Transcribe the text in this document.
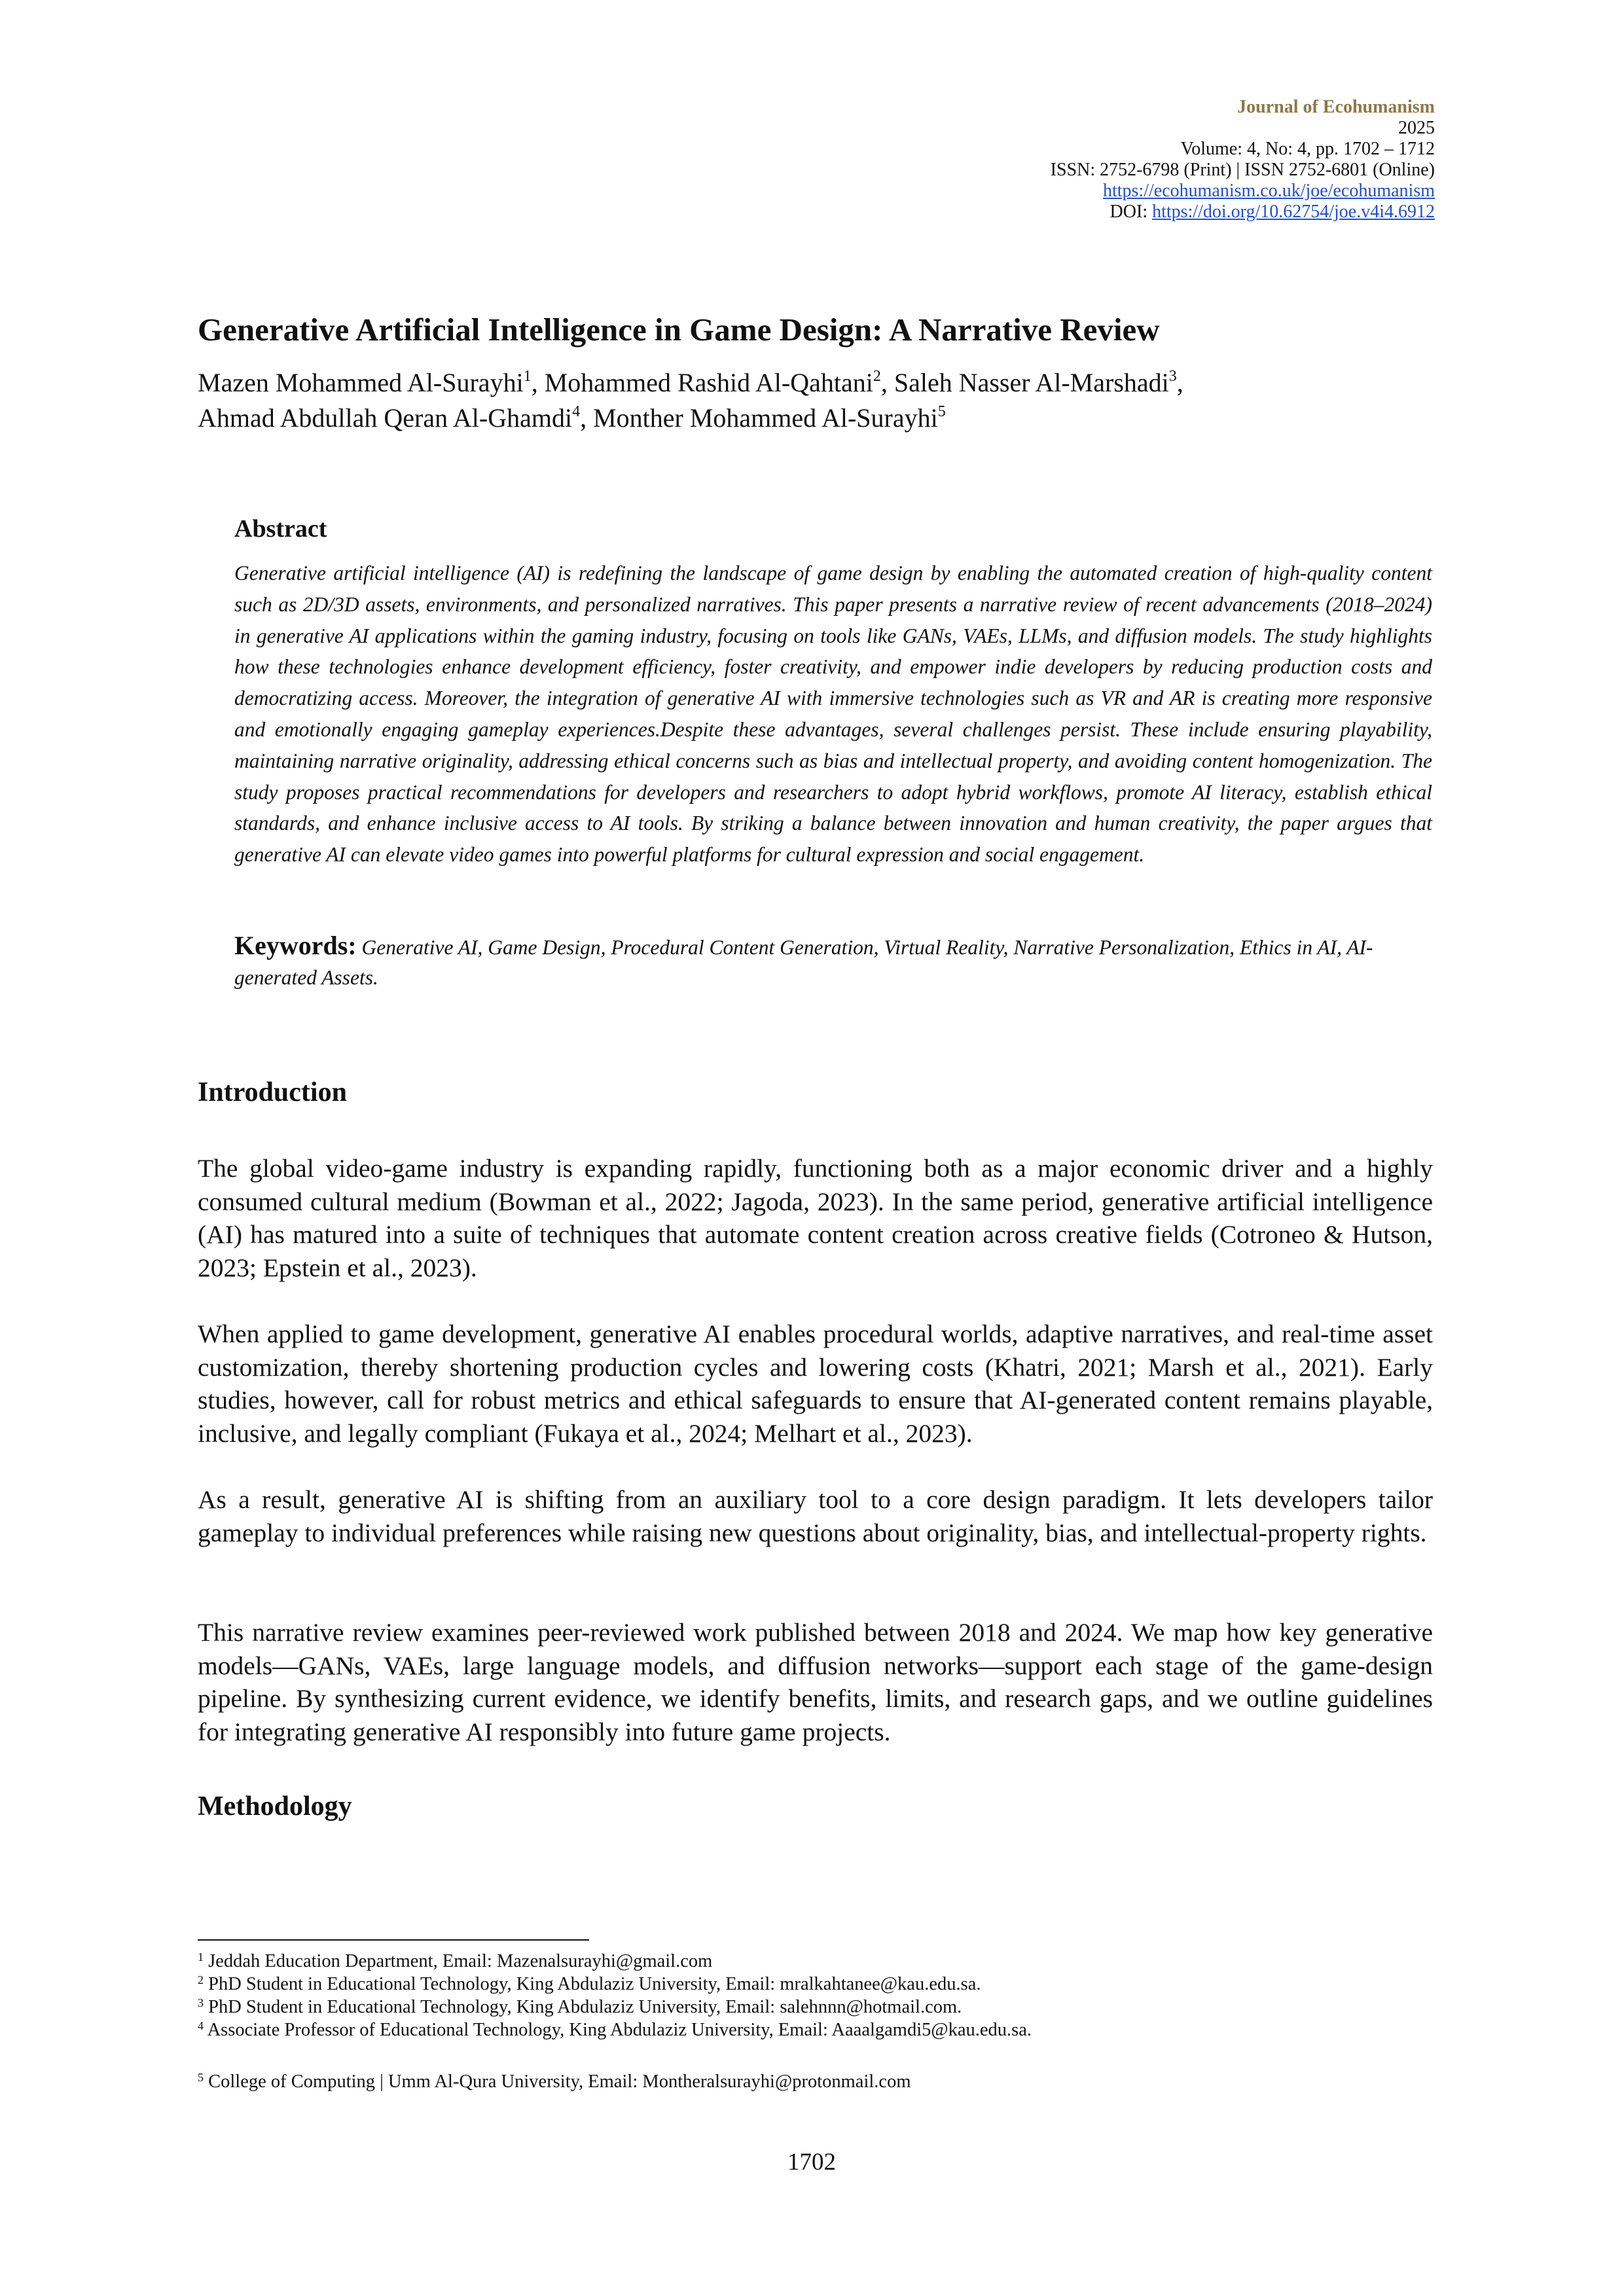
Journal of Ecohumanism
2025
Volume: 4, No: 4, pp. 1702 – 1712
ISSN: 2752-6798 (Print) | ISSN 2752-6801 (Online)
https://ecohumanism.co.uk/joe/ecohumanism
DOI: https://doi.org/10.62754/joe.v4i4.6912
Generative Artificial Intelligence in Game Design: A Narrative Review
Mazen Mohammed Al-Surayhi$^1$, Mohammed Rashid Al-Qahtani$^2$, Saleh Nasser Al-Marshadi$^3$,
Ahmad Abdullah Qeran Al-Ghamdi$^4$, Monther Mohammed Al-Surayhi$^5$
Abstract
Generative artificial intelligence (AI) is redefining the landscape of game design by enabling the automated creation of high-quality content such as 2D/3D assets, environments, and personalized narratives. This paper presents a narrative review of recent advancements (2018–2024) in generative AI applications within the gaming industry, focusing on tools like GANs, VAEs, LLMs, and diffusion models. The study highlights how these technologies enhance development efficiency, foster creativity, and empower indie developers by reducing production costs and democratizing access. Moreover, the integration of generative AI with immersive technologies such as VR and AR is creating more responsive and emotionally engaging gameplay experiences.Despite these advantages, several challenges persist. These include ensuring playability, maintaining narrative originality, addressing ethical concerns such as bias and intellectual property, and avoiding content homogenization. The study proposes practical recommendations for developers and researchers to adopt hybrid workflows, promote AI literacy, establish ethical standards, and enhance inclusive access to AI tools. By striking a balance between innovation and human creativity, the paper argues that generative AI can elevate video games into powerful platforms for cultural expression and social engagement.
Keywords: Generative AI, Game Design, Procedural Content Generation, Virtual Reality, Narrative Personalization, Ethics in AI, AI-generated Assets.
Introduction
The global video-game industry is expanding rapidly, functioning both as a major economic driver and a highly consumed cultural medium (Bowman et al., 2022; Jagoda, 2023). In the same period, generative artificial intelligence (AI) has matured into a suite of techniques that automate content creation across creative fields (Cotroneo & Hutson, 2023; Epstein et al., 2023).
When applied to game development, generative AI enables procedural worlds, adaptive narratives, and real-time asset customization, thereby shortening production cycles and lowering costs (Khatri, 2021; Marsh et al., 2021). Early studies, however, call for robust metrics and ethical safeguards to ensure that AI-generated content remains playable, inclusive, and legally compliant (Fukaya et al., 2024; Melhart et al., 2023).
As a result, generative AI is shifting from an auxiliary tool to a core design paradigm. It lets developers tailor gameplay to individual preferences while raising new questions about originality, bias, and intellectual-property rights.
This narrative review examines peer-reviewed work published between 2018 and 2024. We map how key generative models—GANs, VAEs, large language models, and diffusion networks—support each stage of the game-design pipeline. By synthesizing current evidence, we identify benefits, limits, and research gaps, and we outline guidelines for integrating generative AI responsibly into future game projects.
Methodology
$^1$ Jeddah Education Department, Email: Mazenalsurayhi@gmail.com
$^2$ PhD Student in Educational Technology, King Abdulaziz University, Email: mralkahtanee@kau.edu.sa.
$^3$ PhD Student in Educational Technology, King Abdulaziz University, Email: salehnnn@hotmail.com.
$^4$ Associate Professor of Educational Technology, King Abdulaziz University, Email: Aaaalgamdi5@kau.edu.sa.
$^5$ College of Computing | Umm Al-Qura University, Email: Montheralsurayhi@protonmail.com
1702
